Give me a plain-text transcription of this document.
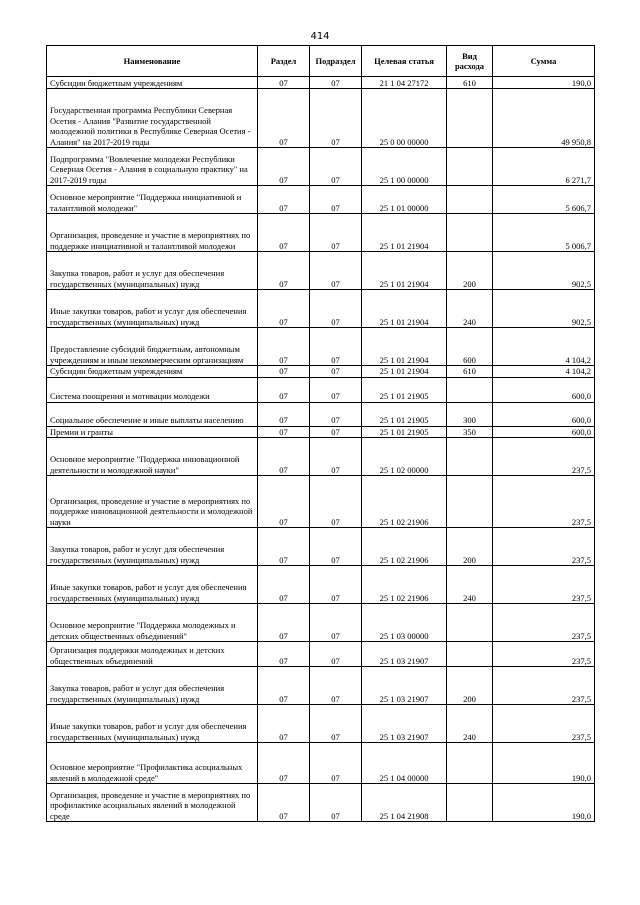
414
Наименование	Раздел	Подраздел	Целевая статья	Вид расхода	Сумма
Субсидии бюджетным учреждениям	07	07	21 1 04 27172	610	190,0
Государственная программа Республики Северная Осетия - Алания "Развитие государственной молодежной политики в Республике Северная Осетия - Алания" на 2017-2019 годы	07	07	25 0 00 00000		49 950,8
Подпрограмма "Вовлечение молодежи Республики Северная Осетия - Алания в социальную практику" на 2017-2019 годы	07	07	25 1 00 00000		6 271,7
Основное мероприятие "Поддержка инициативной и талантливой молодежи"	07	07	25 1 01 00000		5 606,7
Организация, проведение и участие в мероприятиях по поддержке инициативной и талантливой молодежи	07	07	25 1 01 21904		5 006,7
Закупка товаров, работ и услуг для обеспечения государственных (муниципальных) нужд	07	07	25 1 01 21904	200	902,5
Иные закупки товаров, работ и услуг для обеспечения государственных (муниципальных) нужд	07	07	25 1 01 21904	240	902,5
Предоставление субсидий бюджетным, автономным учреждениям и иным некоммерческим организациям	07	07	25 1 01 21904	600	4 104,2
Субсидии бюджетным учреждениям	07	07	25 1 01 21904	610	4 104,2
Система поощрения и мотивации молодежи	07	07	25 1 01 21905		600,0
Социальное обеспечение и иные выплаты населению	07	07	25 1 01 21905	300	600,0
Премии и гранты	07	07	25 1 01 21905	350	600,0
Основное мероприятие "Поддержка инновационной деятельности и молодежной науки"	07	07	25 1 02 00000		237,5
Организация, проведение и участие в мероприятиях по поддержке инновационной деятельности и молодежной науки	07	07	25 1 02 21906		237,5
Закупка товаров, работ и услуг для обеспечения государственных (муниципальных) нужд	07	07	25 1 02 21906	200	237,5
Иные закупки товаров, работ и услуг для обеспечения государственных (муниципальных) нужд	07	07	25 1 02 21906	240	237,5
Основное мероприятие "Поддержка молодежных и детских общественных объединений"	07	07	25 1 03 00000		237,5
Организация поддержки молодежных и детских общественных объединений	07	07	25 1 03 21907		237,5
Закупка товаров, работ и услуг для обеспечения государственных (муниципальных) нужд	07	07	25 1 03 21907	200	237,5
Иные закупки товаров, работ и услуг для обеспечения государственных (муниципальных) нужд	07	07	25 1 03 21907	240	237,5
Основное мероприятие "Профилактика асоциальных явлений в молодежной среде"	07	07	25 1 04 00000		190,0
Организация, проведение и участие в мероприятиях по профилактике асоциальных явлений в молодежной среде	07	07	25 1 04 21908		190,0
